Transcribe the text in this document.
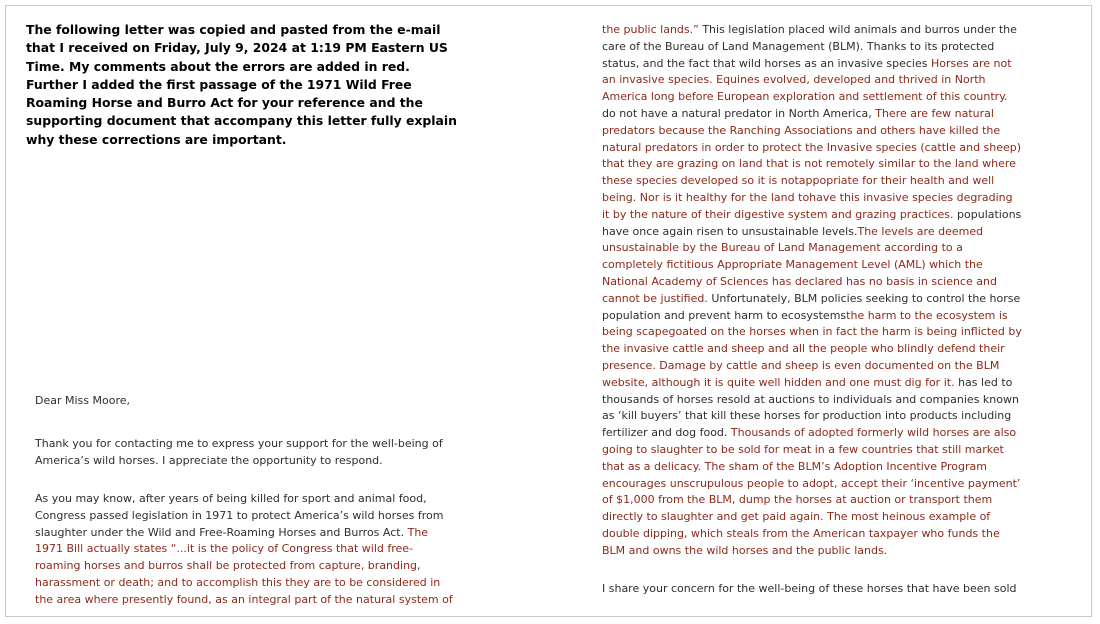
The following letter was copied and pasted from the e-mail that I received on Friday, July 9, 2024 at 1:19 PM Eastern US Time. My comments about the errors are added in red. Further I added the first passage of the 1971 Wild Free Roaming Horse and Burro Act for your reference and the supporting document that accompany this letter fully explain why these corrections are important.

Dear Miss Moore,

Thank you for contacting me to express your support for the well-being of America’s wild horses. I appreciate the opportunity to respond.

As you may know, after years of being killed for sport and animal food, Congress passed legislation in 1971 to protect America’s wild horses from slaughter under the Wild and Free-Roaming Horses and Burros Act. The 1971 Bill actually states “...it is the policy of Congress that wild free-roaming horses and burros shall be protected from capture, branding, harassment or death; and to accomplish this they are to be considered in the area where presently found, as an integral part of the natural system of

the public lands.” This legislation placed wild animals and burros under the care of the Bureau of Land Management (BLM). Thanks to its protected status, and the fact that wild horses as an invasive species Horses are not an invasive species. Equines evolved, developed and thrived in North America long before European exploration and settlement of this country. do not have a natural predator in North America, There are few natural predators because the Ranching Associations and others have killed the natural predators in order to protect the Invasive species (cattle and sheep) that they are grazing on land that is not remotely similar to the land where these species developed so it is notappopriate for their health and well being. Nor is it healthy for the land tohave this invasive species degrading it by the nature of their digestive system and grazing practices. populations have once again risen to unsustainable levels.The levels are deemed unsustainable by the Bureau of Land Management according to a completely fictitious Appropriate Management Level (AML) which the National Academy of Sciences has declared has no basis in science and cannot be justified. Unfortunately, BLM policies seeking to control the horse population and prevent harm to ecosystemsthe harm to the ecosystem is being scapegoated on the horses when in fact the harm is being inflicted by the invasive cattle and sheep and all the people who blindly defend their presence. Damage by cattle and sheep is even documented on the BLM website, although it is quite well hidden and one must dig for it. has led to thousands of horses resold at auctions to individuals and companies known as ‘kill buyers’ that kill these horses for production into products including fertilizer and dog food. Thousands of adopted formerly wild horses are also going to slaughter to be sold for meat in a few countries that still market that as a delicacy. The sham of the BLM’s Adoption Incentive Program encourages unscrupulous people to adopt, accept their ‘incentive payment’ of $1,000 from the BLM, dump the horses at auction or transport them directly to slaughter and get paid again. The most heinous example of double dipping, which steals from the American taxpayer who funds the BLM and owns the wild horses and the public lands.

I share your concern for the well-being of these horses that have been sold
